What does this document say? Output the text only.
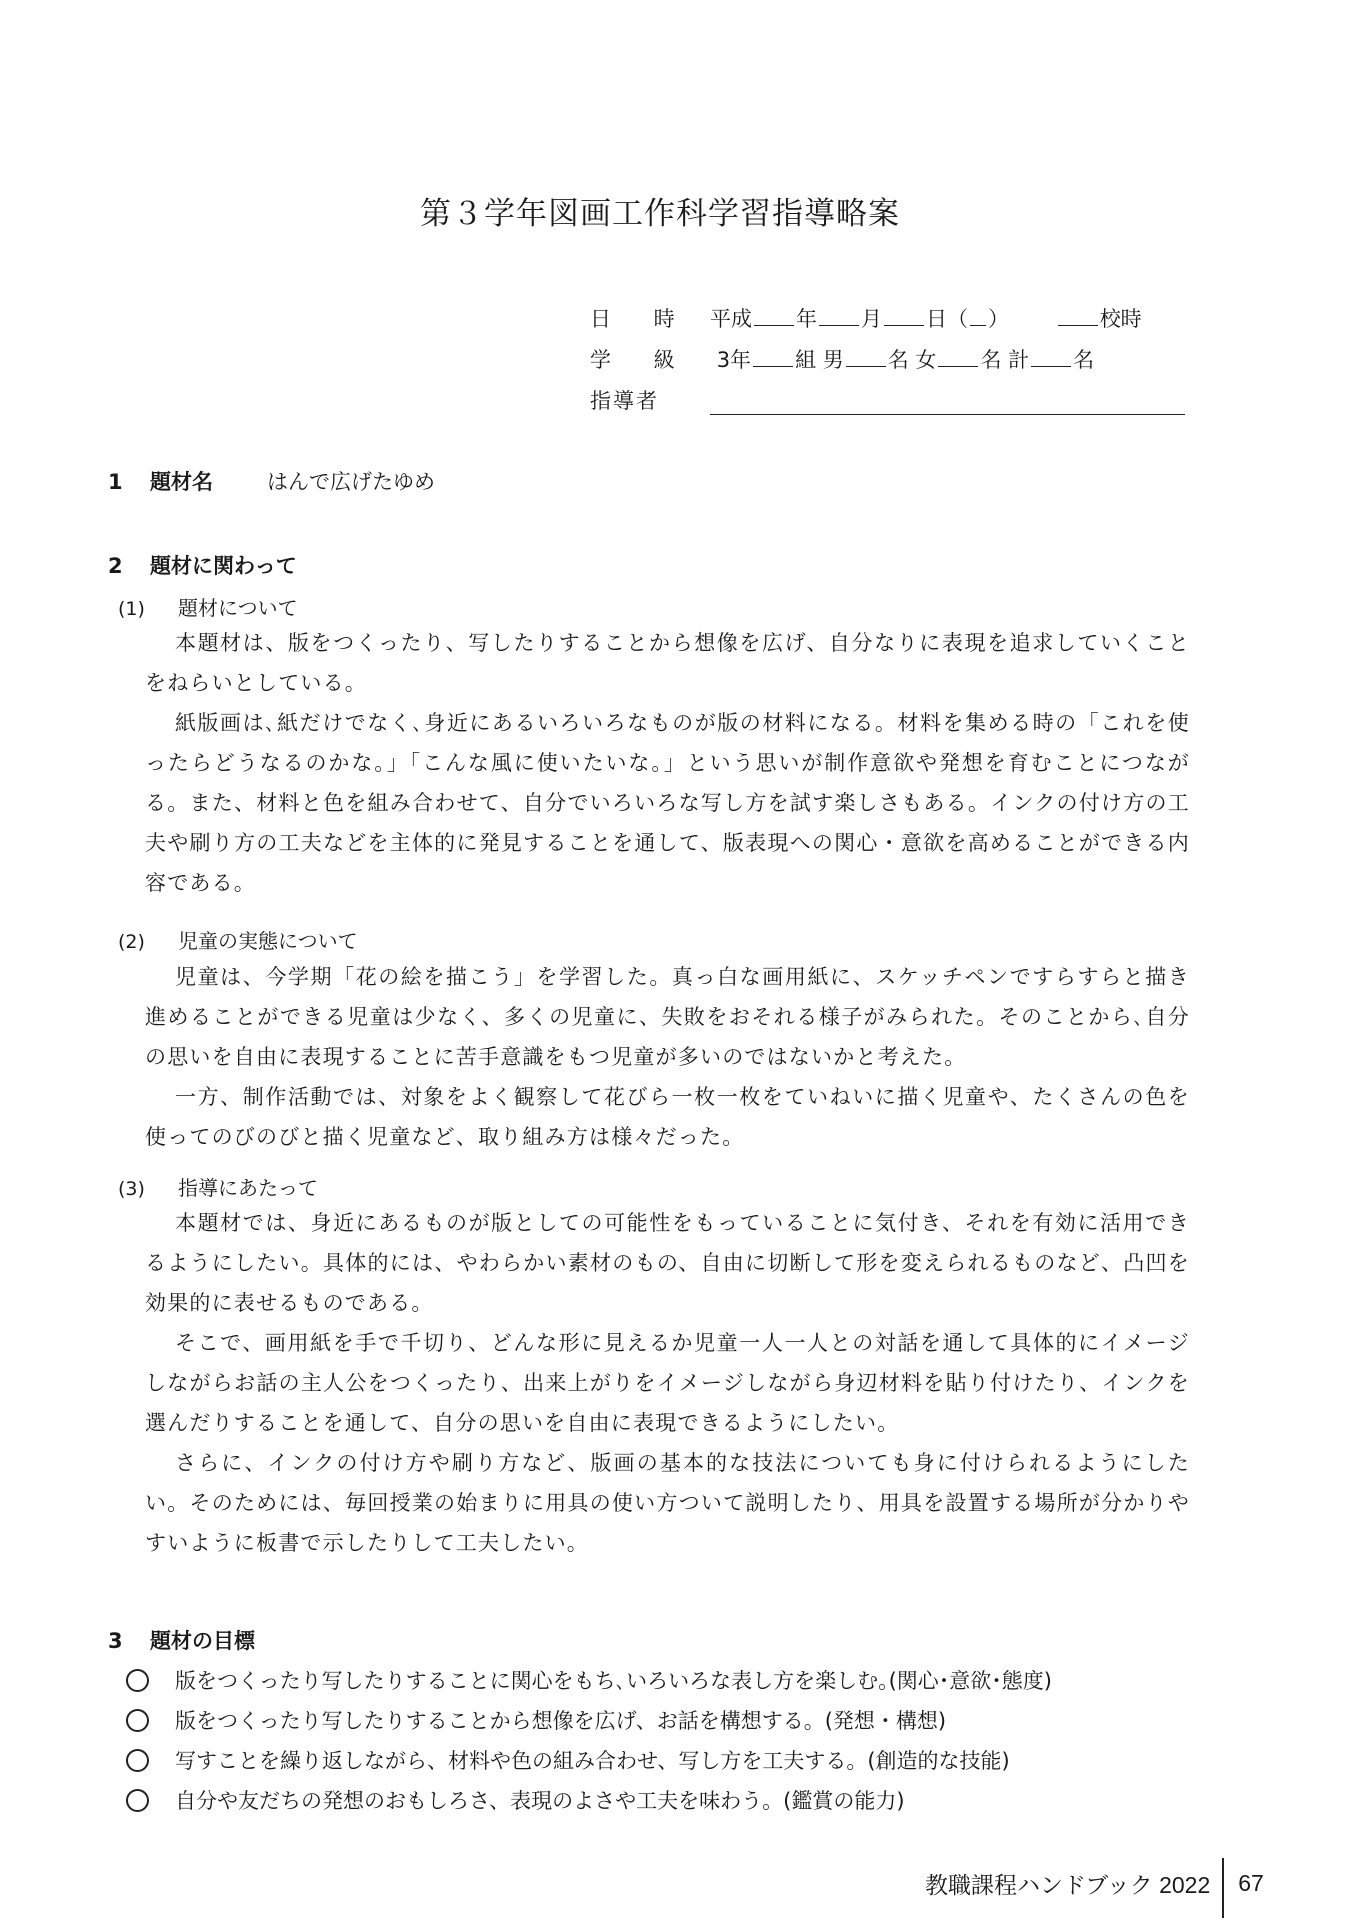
第３学年図画工作科学習指導略案
日 時 平成 年 月 日（ ）	校時
学 級	3年 組 男 名 女 名 計 名
指導者
1 題材名	はんで広げたゆめ
2 題材に関わって
(1) 題材について

本題材は、版をつくったり、写したりすることから想像を広げ、自分なりに表現を追求していくことをねらいとしている。

紙版画は､紙だけでなく､身近にあるいろいろなものが版の材料になる。材料を集める時の「これを使ったらどうなるのかな。」「こんな風に使いたいな。」という思いが制作意欲や発想を育むことにつながる。また、材料と色を組み合わせて、自分でいろいろな写し方を試す楽しさもある。インクの付け方の工夫や刷り方の工夫などを主体的に発見することを通して、版表現への関心・意欲を高めることができる内容である。

(2) 児童の実態について

児童は、今学期「花の絵を描こう」を学習した。真っ白な画用紙に、スケッチペンですらすらと描き進めることができる児童は少なく、多くの児童に、失敗をおそれる様子がみられた。そのことから､自分の思いを自由に表現することに苦手意識をもつ児童が多いのではないかと考えた。

一方、制作活動では、対象をよく観察して花びら一枚一枚をていねいに描く児童や、たくさんの色を使ってのびのびと描く児童など、取り組み方は様々だった。

(3) 指導にあたって

本題材では、身近にあるものが版としての可能性をもっていることに気付き、それを有効に活用できるようにしたい。具体的には、やわらかい素材のもの、自由に切断して形を変えられるものなど、凸凹を効果的に表せるものである。

そこで、画用紙を手で千切り、どんな形に見えるか児童一人一人との対話を通して具体的にイメージしながらお話の主人公をつくったり、出来上がりをイメージしながら身辺材料を貼り付けたり、インクを選んだりすることを通して、自分の思いを自由に表現できるようにしたい。

さらに、インクの付け方や刷り方など、版画の基本的な技法についても身に付けられるようにしたい。そのためには、毎回授業の始まりに用具の使い方ついて説明したり、用具を設置する場所が分かりやすいように板書で示したりして工夫したい。

3 題材の目標
版をつくったり写したりすることに関心をもち､いろいろな表し方を楽しむ｡(関心･意欲･態度)
版をつくったり写したりすることから想像を広げ、お話を構想する。(発想・構想)
写すことを繰り返しながら、材料や色の組み合わせ、写し方を工夫する。(創造的な技能)
自分や友だちの発想のおもしろさ、表現のよさや工夫を味わう。(鑑賞の能力)
教職課程ハンドブック 2022 67
